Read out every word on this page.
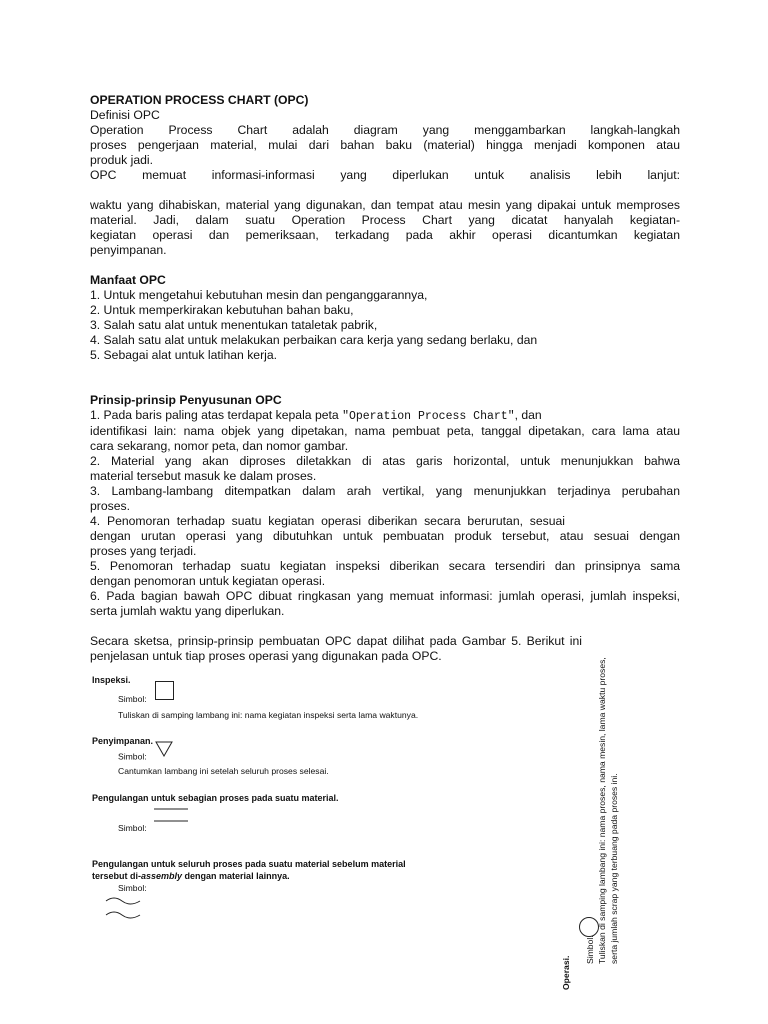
OPERATION PROCESS CHART (OPC)
Definisi OPC
Operation Process Chart adalah diagram yang menggambarkan langkah-langkah
proses pengerjaan material, mulai dari bahan baku (material) hingga menjadi komponen atau
produk jadi.
OPC memuat informasi-informasi yang diperlukan untuk analisis lebih lanjut:
waktu yang dihabiskan, material yang digunakan, dan tempat atau mesin yang dipakai untuk memproses
material. Jadi, dalam suatu Operation Process Chart yang dicatat hanyalah kegiatan-
kegiatan operasi dan pemeriksaan, terkadang pada akhir operasi dicantumkan kegiatan
penyimpanan.
Manfaat OPC
1. Untuk mengetahui kebutuhan mesin dan penganggarannya,
2. Untuk memperkirakan kebutuhan bahan baku,
3. Salah satu alat untuk menentukan tataletak pabrik,
4. Salah satu alat untuk melakukan perbaikan cara kerja yang sedang berlaku, dan
5. Sebagai alat untuk latihan kerja.
Prinsip-prinsip Penyusunan OPC
1. Pada baris paling atas terdapat kepala peta "Operation Process Chart", dan
identifikasi lain: nama objek yang dipetakan, nama pembuat peta, tanggal dipetakan, cara lama atau
cara sekarang, nomor peta, dan nomor gambar.
2. Material yang akan diproses diletakkan di atas garis horizontal, untuk menunjukkan bahwa
material tersebut masuk ke dalam proses.
3. Lambang-lambang ditempatkan dalam arah vertikal, yang menunjukkan terjadinya perubahan
proses.
4. Penomoran terhadap suatu kegiatan operasi diberikan secara berurutan, sesuai
dengan urutan operasi yang dibutuhkan untuk pembuatan produk tersebut, atau sesuai dengan
proses yang terjadi.
5. Penomoran terhadap suatu kegiatan inspeksi diberikan secara tersendiri dan prinsipnya sama
dengan penomoran untuk kegiatan operasi.
6. Pada bagian bawah OPC dibuat ringkasan yang memuat informasi: jumlah operasi, jumlah inspeksi,
serta jumlah waktu yang diperlukan.
Secara sketsa, prinsip-prinsip pembuatan OPC dapat dilihat pada Gambar 5. Berikut ini
penjelasan untuk tiap proses operasi yang digunakan pada OPC.
Inspeksi.
Simbol:
Tuliskan di samping lambang ini: nama kegiatan inspeksi serta lama waktunya.
Penyimpanan.
Simbol:
Cantumkan lambang ini setelah seluruh proses selesai.
Pengulangan untuk sebagian proses pada suatu material.
Simbol:
Pengulangan untuk seluruh proses pada suatu material sebelum material
tersebut di-assembly dengan material lainnya.
Simbol:
Operasi.
Simbol: Tuliskan di samping lambang ini: nama proses, nama mesin, lama waktu proses, serta jumlah scrap yang terbuang pada proses ini.
